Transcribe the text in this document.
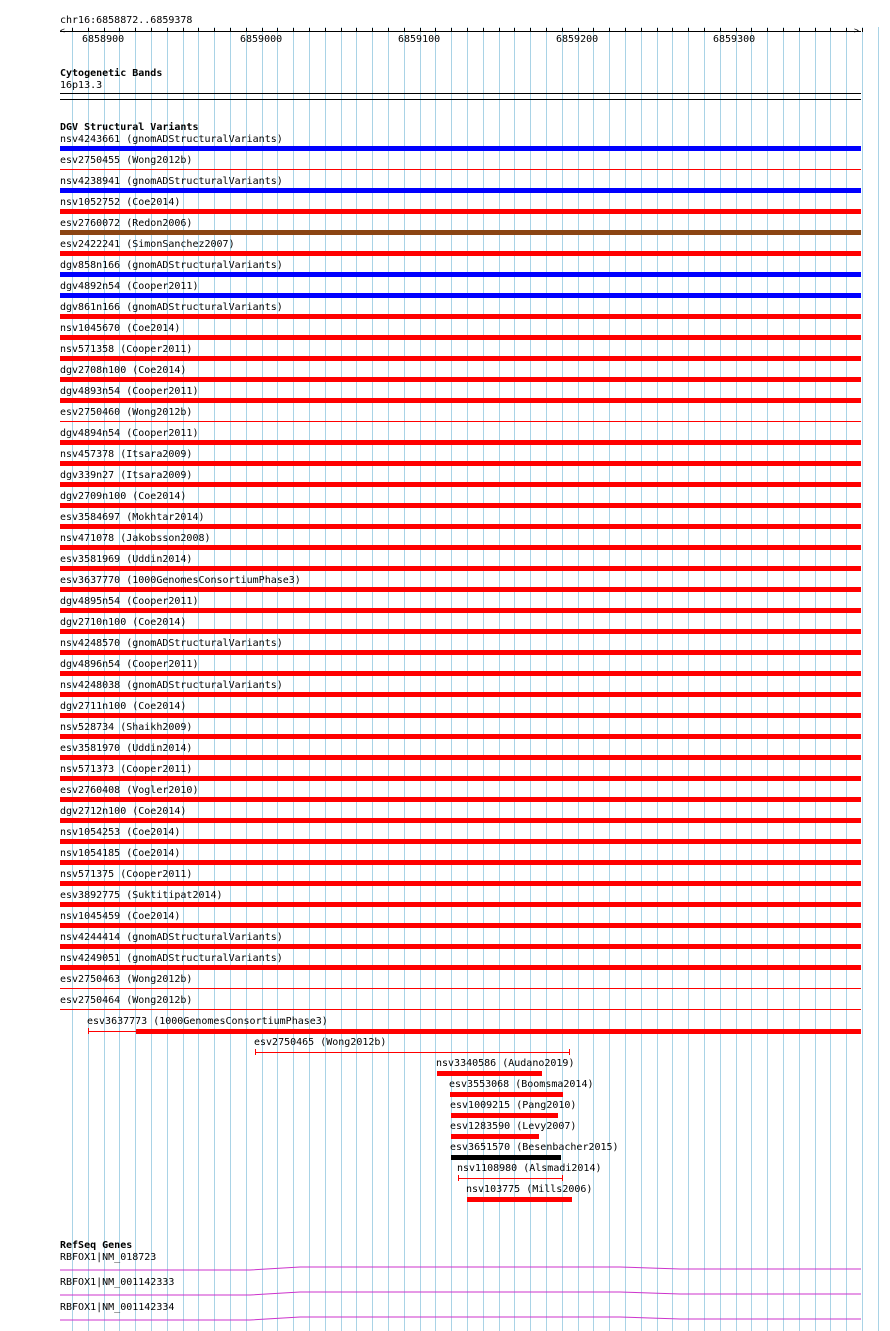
chr16:6858872..6859378
<	>
6858900	6859000	6859100	6859200	6859300
Cytogenetic Bands
16p13.3
DGV Structural Variants
nsv4243661 (gnomADStructuralVariants)
esv2750455 (Wong2012b)
nsv4238941 (gnomADStructuralVariants)
nsv1052752 (Coe2014)
esv2760072 (Redon2006)
esv2422241 (SimonSanchez2007)
dgv858n166 (gnomADStructuralVariants)
dgv4892n54 (Cooper2011)
dgv861n166 (gnomADStructuralVariants)
nsv1045670 (Coe2014)
nsv571358 (Cooper2011)
dgv2708n100 (Coe2014)
dgv4893n54 (Cooper2011)
esv2750460 (Wong2012b)
dgv4894n54 (Cooper2011)
nsv457378 (Itsara2009)
dgv339n27 (Itsara2009)
dgv2709n100 (Coe2014)
esv3584697 (Mokhtar2014)
nsv471078 (Jakobsson2008)
esv3581969 (Uddin2014)
esv3637770 (1000GenomesConsortiumPhase3)
dgv4895n54 (Cooper2011)
dgv2710n100 (Coe2014)
nsv4248570 (gnomADStructuralVariants)
dgv4896n54 (Cooper2011)
nsv4248038 (gnomADStructuralVariants)
dgv2711n100 (Coe2014)
nsv528734 (Shaikh2009)
esv3581970 (Uddin2014)
nsv571373 (Cooper2011)
esv2760408 (Vogler2010)
dgv2712n100 (Coe2014)
nsv1054253 (Coe2014)
nsv1054185 (Coe2014)
nsv571375 (Cooper2011)
esv3892775 (Suktitipat2014)
nsv1045459 (Coe2014)
nsv4244414 (gnomADStructuralVariants)
nsv4249051 (gnomADStructuralVariants)
esv2750463 (Wong2012b)
esv2750464 (Wong2012b)
esv3637773 (1000GenomesConsortiumPhase3)
esv2750465 (Wong2012b)
nsv3340586 (Audano2019)
esv3553068 (Boomsma2014)
esv1009215 (Pang2010)
esv1283590 (Levy2007)
esv3651570 (Besenbacher2015)
nsv1108980 (Alsmadi2014)
nsv103775 (Mills2006)
RefSeq Genes
RBFOX1|NM_018723
RBFOX1|NM_001142333
RBFOX1|NM_001142334
